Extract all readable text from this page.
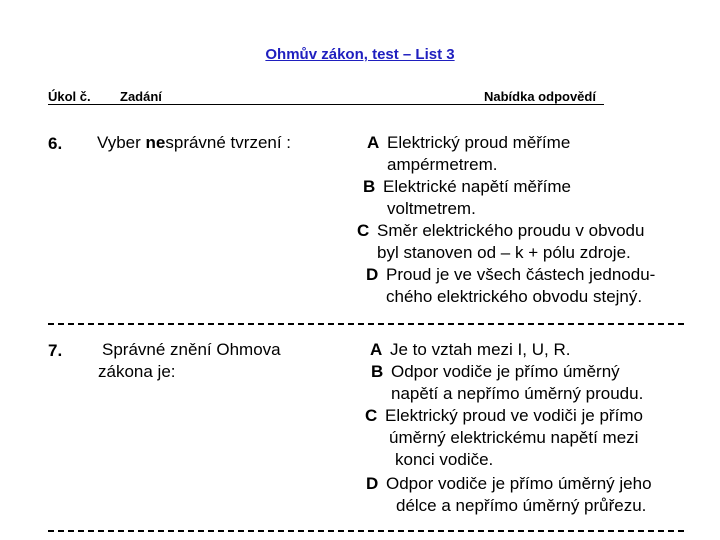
Ohmův zákon, test – List 3
Úkol č. Zadání	Nabídka odpovědí
6. Vyber nesprávné tvrzení :	A Elektrický proud měříme
ampérmetrem.
B Elektrické napětí měříme
voltmetrem.
C Směr elektrického proudu v obvodu
byl stanoven od – k + pólu zdroje.
D Proud je ve všech částech jednodu-
chého elektrického obvodu stejný.
7. Správné znění Ohmova
zákona je:
A Je to vztah mezi I, U, R.
B Odpor vodiče je přímo úměrný
napětí a nepřímo úměrný proudu.
C Elektrický proud ve vodiči je přímo
úměrný elektrickému napětí mezi
konci vodiče.
D Odpor vodiče je přímo úměrný jeho
délce a nepřímo úměrný průřezu.
